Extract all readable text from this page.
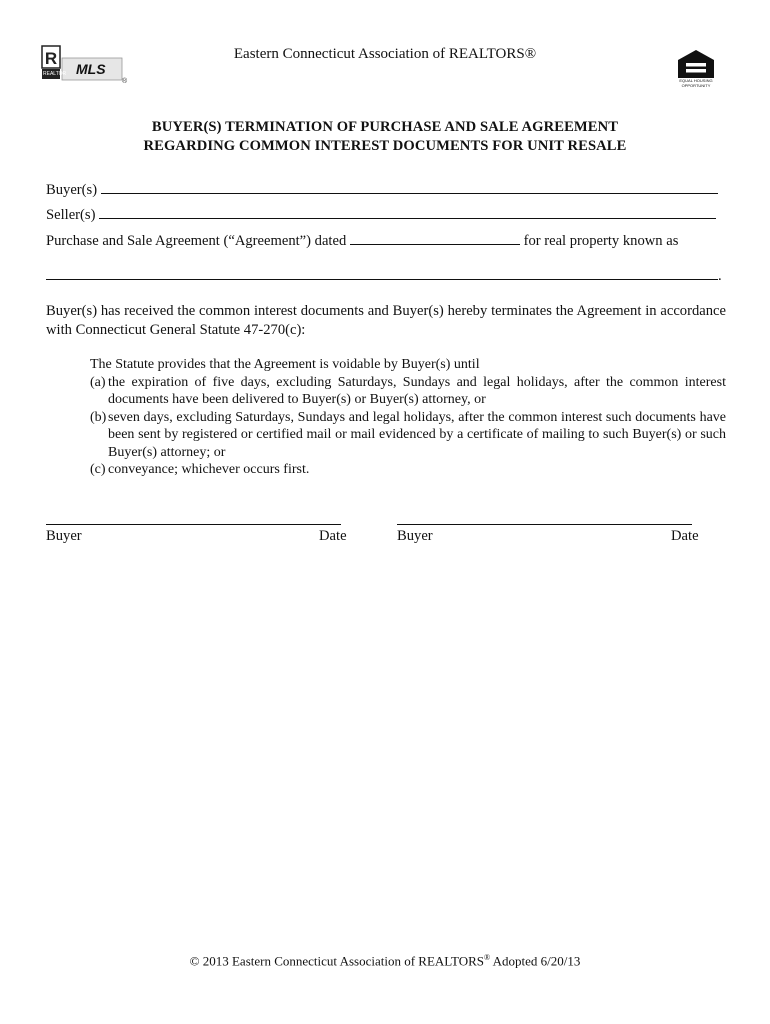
R
REALTOR MLS
®
Eastern Connecticut Association of REALTORS®
EQUAL HOUSING
OPPORTUNITY
BUYER(S) TERMINATION OF PURCHASE AND SALE AGREEMENT
REGARDING COMMON INTEREST DOCUMENTS FOR UNIT RESALE
Buyer(s)
Seller(s)
Purchase and Sale Agreement (“Agreement”) dated	for real property known as
.
Buyer(s) has received the common interest documents and Buyer(s) hereby terminates the Agreement in accordance with Connecticut General Statute 47-270(c):
The Statute provides that the Agreement is voidable by Buyer(s) until
(a) the expiration of five days, excluding Saturdays, Sundays and legal holidays, after the common interest documents have been delivered to Buyer(s) or Buyer(s) attorney, or
(b) seven days, excluding Saturdays, Sundays and legal holidays, after the common interest such documents have been sent by registered or certified mail or mail evidenced by a certificate of mailing to such Buyer(s) or such Buyer(s) attorney; or
(c) conveyance; whichever occurs first.
Buyer	Date	Buyer	Date
© 2013 Eastern Connecticut Association of REALTORS® Adopted 6/20/13
